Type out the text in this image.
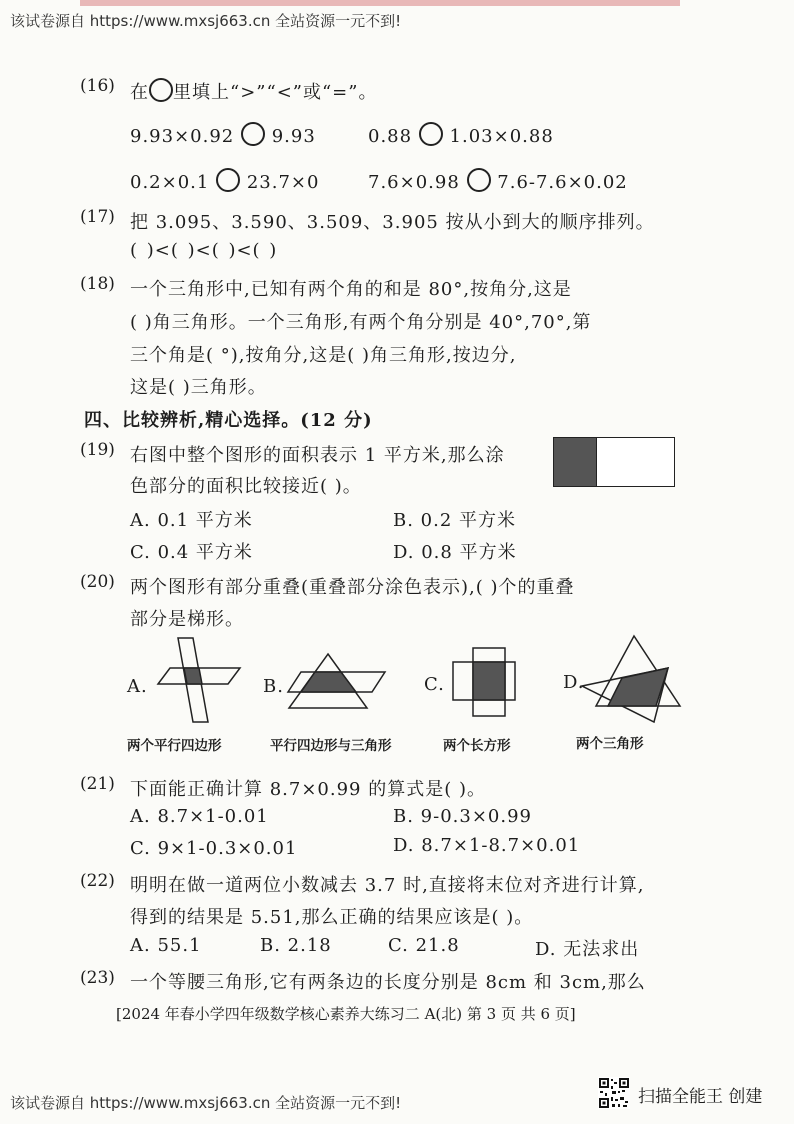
该试卷源自 https://www.mxsj663.cn 全站资源一元不到!
(16) 在 里填上“>”“<”或“=”。
9.93×0.92 9.93	0.88 1.03×0.88
0.2×0.1 23.7×0	7.6×0.98 7.6-7.6×0.02
(17) 把 3.095、3.590、3.509、3.905 按从小到大的顺序排列。
( )<( )<( )<( )
(18) 一个三角形中,已知有两个角的和是 80°,按角分,这是
( )角三角形。一个三角形,有两个角分别是 40°,70°,第
三个角是( °),按角分,这是( )角三角形,按边分,
这是( )三角形。
四、比较辨析,精心选择。(12 分)
(19) 右图中整个图形的面积表示 1 平方米,那么涂
色部分的面积比较接近( )。
A. 0.1 平方米	B. 0.2 平方米
C. 0.4 平方米	D. 0.8 平方米
(20) 两个图形有部分重叠(重叠部分涂色表示),( )个的重叠
部分是梯形。
A.	B.	C.	D.
两个平行四边形	平行四边形与三角形	两个长方形	两个三角形
(21) 下面能正确计算 8.7×0.99 的算式是( )。
A. 8.7×1-0.01	B. 9-0.3×0.99
C. 9×1-0.3×0.01	D. 8.7×1-8.7×0.01
(22) 明明在做一道两位小数减去 3.7 时,直接将末位对齐进行计算,
得到的结果是 5.51,那么正确的结果应该是( )。
A. 55.1	B. 2.18	C. 21.8	D. 无法求出
(23) 一个等腰三角形,它有两条边的长度分别是 8cm 和 3cm,那么
[2024 年春小学四年级数学核心素养大练习二 A(北) 第 3 页 共 6 页]
该试卷源自 https://www.mxsj663.cn 全站资源一元不到!	扫描全能王 创建
